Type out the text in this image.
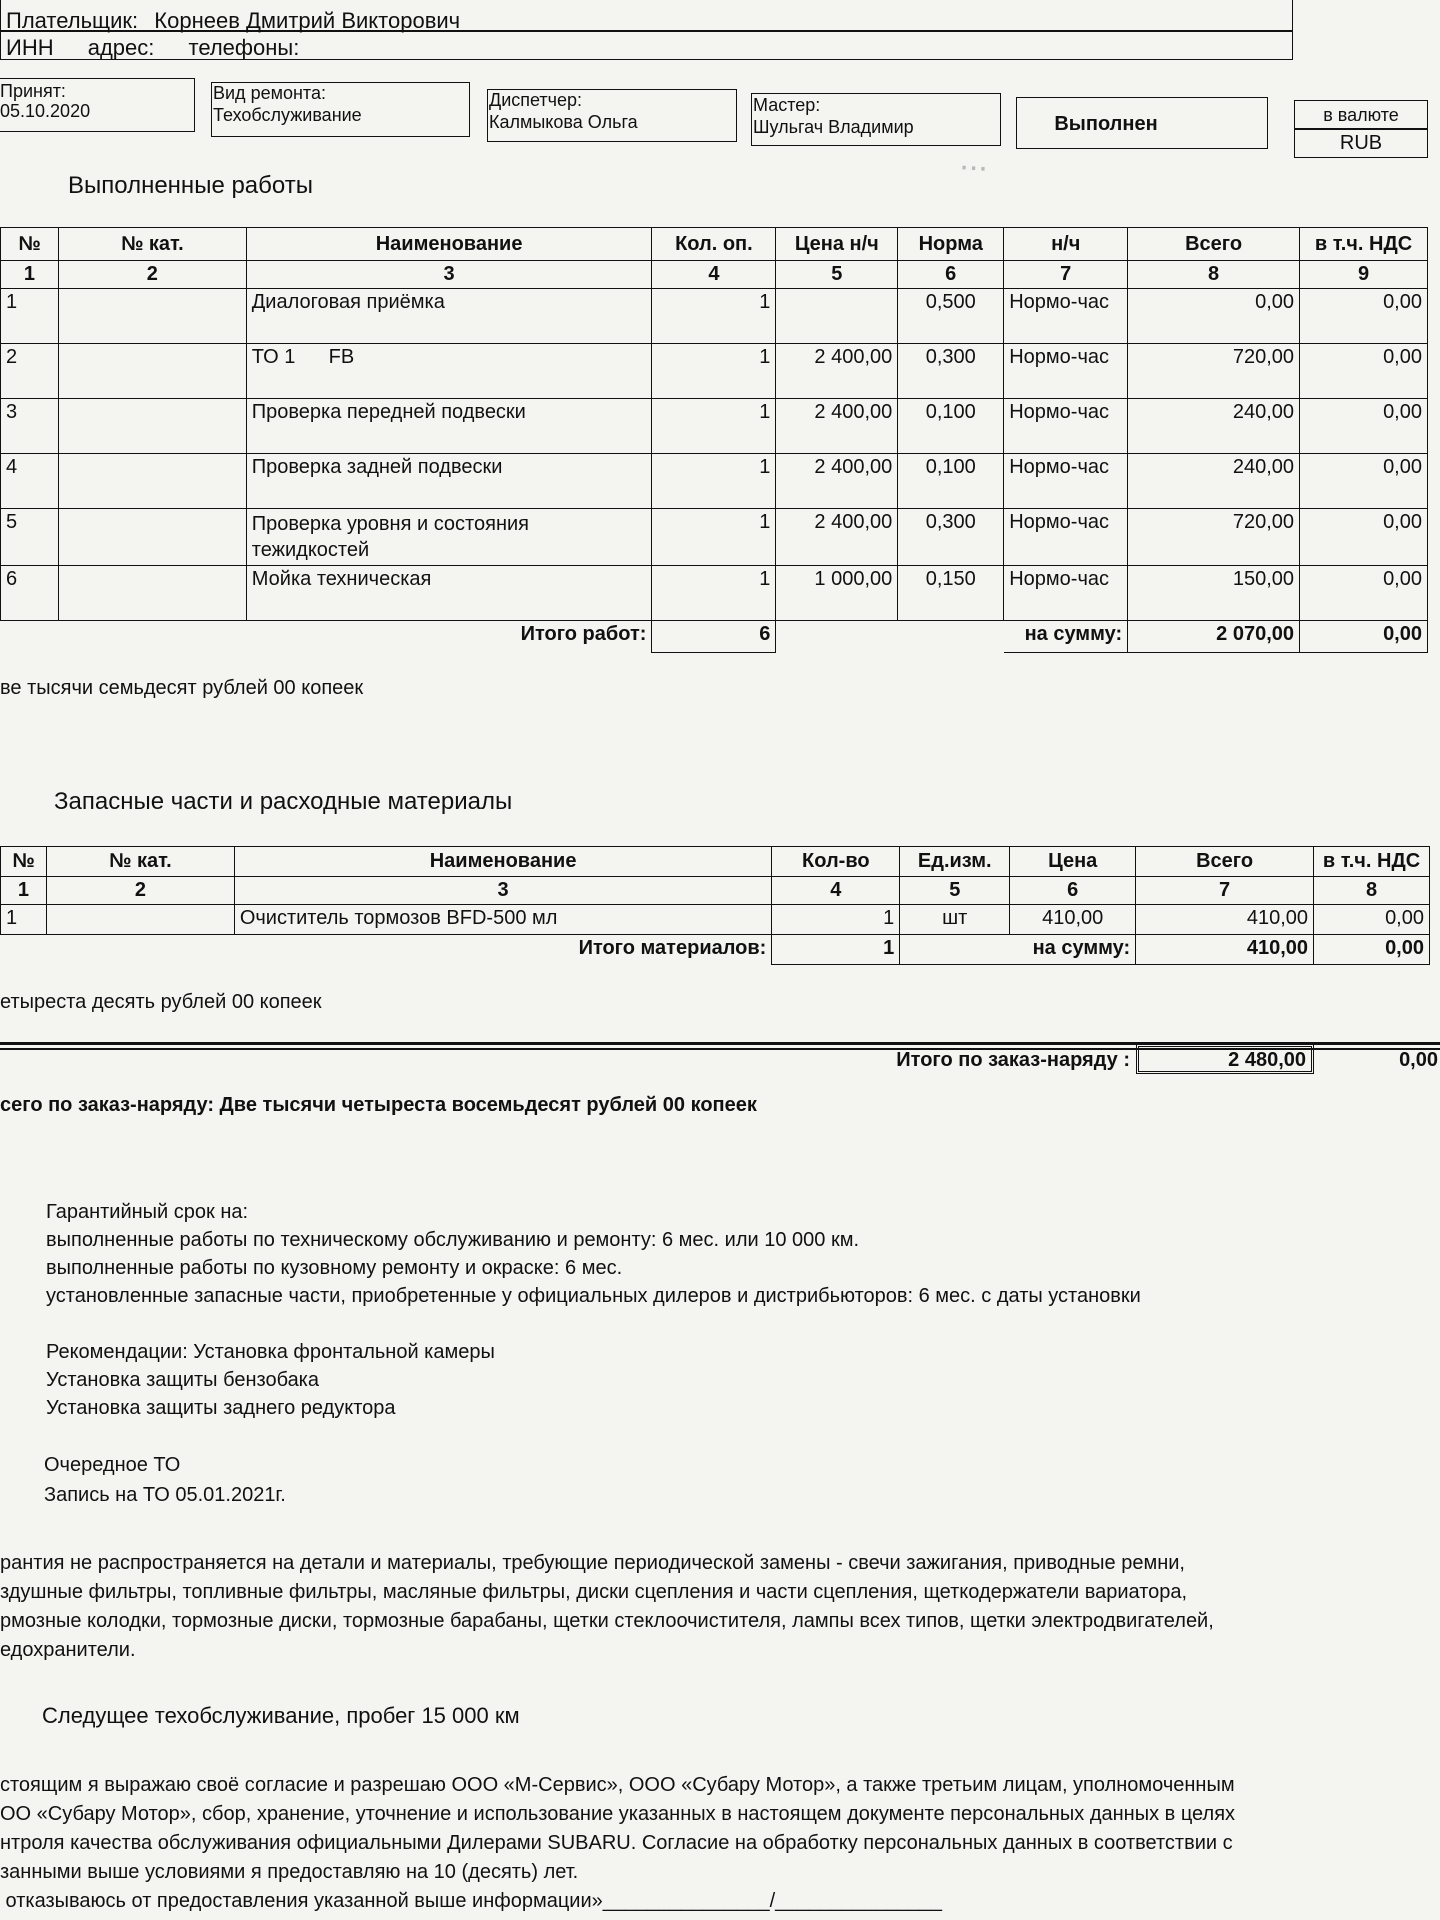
...
Плательщик: Корнеев Дмитрий Викторович
ИНН адрес: телефоны:
Принят:
05.10.2020
Вид ремонта:
Техобслуживание
Диспетчер:
Калмыкова Ольга
Мастер:
Шульгач Владимир	Выполнен	в валюте
RUB
Выполненные работы
№	№ кат.	Наименование	Кол. оп.	Цена н/ч	Норма	н/ч	Всего	в т.ч. НДС
1	2	3	4	5	6	7	8	9
1		Диалоговая приёмка	1		0,500	Нормо-час	0,00	0,00
2		ТО 1      FB	1	2 400,00	0,300	Нормо-час	720,00	0,00
3		Проверка передней подвески	1	2 400,00	0,100	Нормо-час	240,00	0,00
4		Проверка задней подвески	1	2 400,00	0,100	Нормо-час	240,00	0,00
5		Проверка уровня и состояния тежидкостей	1	2 400,00	0,300	Нормо-час	720,00	0,00
6		Мойка техническая	1	1 000,00	0,150	Нормо-час	150,00	0,00
Итого работ:			6			на сумму:	2 070,00	0,00
ве тысячи семьдесят рублей 00 копеек
Запасные части и расходные материалы
№	№ кат.	Наименование	Кол-во	Ед.изм.	Цена	Всего	в т.ч. НДС
1	2	3	4	5	6	7	8
1		Очиститель тормозов BFD-500 мл	1	шт	410,00	410,00	0,00
Итого материалов:			1		на сумму:	410,00	0,00
етыреста десять рублей 00 копеек
Итого по заказ-наряду :	2 480,00	0,00
сего по заказ-наряду: Две тысячи четыреста восемьдесят рублей 00 копеек
Гарантийный срок на:
выполненные работы по техническому обслуживанию и ремонту: 6 мес. или 10 000 км.
выполненные работы по кузовному ремонту и окраске: 6 мес.
установленные запасные части, приобретенные у официальных дилеров и дистрибьюторов: 6 мес. с даты установки
Рекомендации: Установка фронтальной камеры
Установка защиты бензобака
Установка защиты заднего редуктора
Очередное ТО
Запись на ТО 05.01.2021г.
рантия не распространяется на детали и материалы, требующие периодической замены - свечи зажигания, приводные ремни,
здушные фильтры, топливные фильтры, масляные фильтры, диски сцепления и части сцепления, щеткодержатели вариатора,
рмозные колодки, тормозные диски, тормозные барабаны, щетки стеклоочистителя, лампы всех типов, щетки электродвигателей,
едохранители.
Следущее техобслуживание, пробег 15 000 км
стоящим я выражаю своё согласие и разрешаю ООО «М-Сервис», ООО «Субару Мотор», а также третьим лицам, уполномоченным
ОО «Субару Мотор», сбор, хранение, уточнение и использование указанных в настоящем документе персональных данных в целях
нтроля качества обслуживания официальными Дилерами SUBARU. Согласие на обработку персональных данных в соответствии с
занными выше условиями я предоставляю на 10 (десять) лет.
отказываюсь от предоставления указанной выше информации»_______________/_______________
